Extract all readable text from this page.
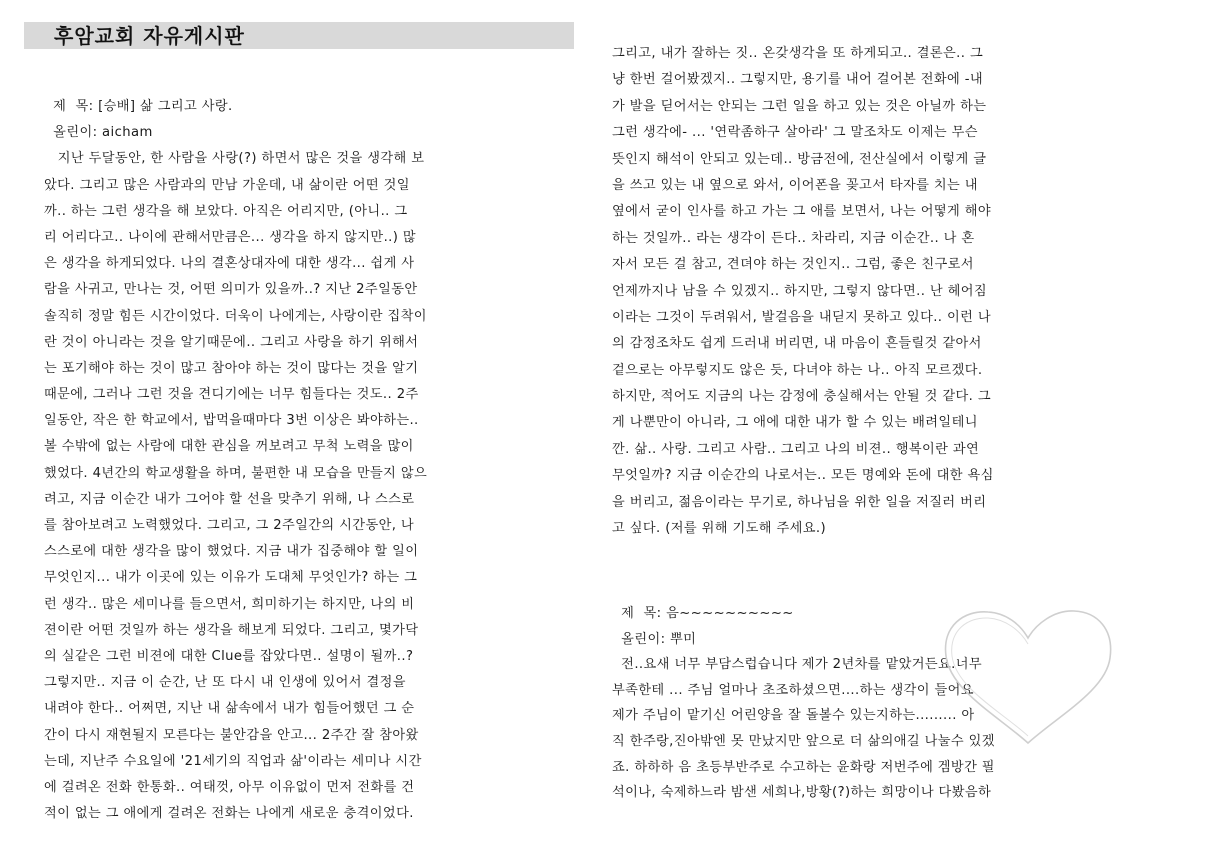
후암교회 자유게시판
제  목: [승배] 삶 그리고 사랑.
올린이: aicham
지난 두달동안, 한 사람을 사랑(?) 하면서 많은 것을 생각해 보
았다. 그리고 많은 사람과의 만남 가운데, 내 삶이란 어떤 것일
까.. 하는 그런 생각을 해 보았다. 아직은 어리지만, (아니.. 그
리 어리다고.. 나이에 관해서만큼은... 생각을 하지 않지만..) 많
은 생각을 하게되었다. 나의 결혼상대자에 대한 생각... 쉽게 사
람을 사귀고, 만나는 것, 어떤 의미가 있을까..? 지난 2주일동안
솔직히 정말 힘든 시간이었다. 더욱이 나에게는, 사랑이란 집착이
란 것이 아니라는 것을 알기때문에.. 그리고 사랑을 하기 위해서
는 포기해야 하는 것이 많고 참아야 하는 것이 많다는 것을 알기
때문에, 그러나 그런 것을 견디기에는 너무 힘들다는 것도.. 2주
일동안, 작은 한 학교에서, 밥먹을때마다 3번 이상은 봐야하는..
볼 수밖에 없는 사람에 대한 관심을 꺼보려고 무척 노력을 많이
했었다. 4년간의 학교생활을 하며, 불편한 내 모습을 만들지 않으
려고, 지금 이순간 내가 그어야 할 선을 맞추기 위해, 나 스스로
를 참아보려고 노력했었다. 그리고, 그 2주일간의 시간동안, 나
스스로에 대한 생각을 많이 했었다. 지금 내가 집중해야 할 일이
무엇인지... 내가 이곳에 있는 이유가 도대체 무엇인가? 하는 그
런 생각.. 많은 세미나를 들으면서, 희미하기는 하지만, 나의 비
젼이란 어떤 것일까 하는 생각을 해보게 되었다. 그리고, 몇가닥
의 실같은 그런 비젼에 대한 Clue를 잡았다면.. 설명이 될까..?
그렇지만.. 지금 이 순간, 난 또 다시 내 인생에 있어서 결정을
내려야 한다.. 어쩌면, 지난 내 삶속에서 내가 힘들어했던 그 순
간이 다시 재현될지 모른다는 불안감을 안고... 2주간 잘 참아왔
는데, 지난주 수요일에 '21세기의 직업과 삶'이라는 세미나 시간
에 걸려온 전화 한통화.. 여태껏, 아무 이유없이 먼저 전화를 건
적이 없는 그 애에게 걸려온 전화는 나에게 새로운 충격이었다.
그리고, 내가 잘하는 짓.. 온갖생각을 또 하게되고.. 결론은.. 그
냥 한번 걸어봤겠지.. 그렇지만, 용기를 내어 걸어본 전화에 -내
가 발을 딛어서는 안되는 그런 일을 하고 있는 것은 아닐까 하는
그런 생각에- ... '연락좀하구 살아라' 그 말조차도 이제는 무슨
뜻인지 해석이 안되고 있는데.. 방금전에, 전산실에서 이렇게 글
을 쓰고 있는 내 옆으로 와서, 이어폰을 꽂고서 타자를 치는 내
옆에서 굳이 인사를 하고 가는 그 애를 보면서, 나는 어떻게 해야
하는 것일까.. 라는 생각이 든다.. 차라리, 지금 이순간.. 나 혼
자서 모든 걸 참고, 견뎌야 하는 것인지.. 그럼, 좋은 친구로서
언제까지나 남을 수 있겠지.. 하지만, 그렇지 않다면.. 난 헤어짐
이라는 그것이 두려워서, 발걸음을 내딛지 못하고 있다.. 이런 나
의 감정조차도 쉽게 드러내 버리면, 내 마음이 흔들릴것 같아서
겉으로는 아무렇지도 않은 듯, 다녀야 하는 나.. 아직 모르겠다.
하지만, 적어도 지금의 나는 감정에 충실해서는 안될 것 같다. 그
게 나뿐만이 아니라, 그 애에 대한 내가 할 수 있는 배려일테니
깐. 삶.. 사랑. 그리고 사람.. 그리고 나의 비젼.. 행복이란 과연
무엇일까? 지금 이순간의 나로서는.. 모든 명예와 돈에 대한 욕심
을 버리고, 젊음이라는 무기로, 하나님을 위한 일을 저질러 버리
고 싶다. (저를 위해 기도해 주세요.)
제  목: 음~~~~~~~~~~
올린이: 뿌미
전..요새 너무 부담스럽습니다 제가 2년차를 맡았거든요.너무
부족한테 ... 주님 얼마나 초조하셨으면....하는 생각이 들어요
제가 주님이 맡기신 어린양을 잘 돌볼수 있는지하는......... 아
직 한주랑,진아밖엔 못 만났지만 앞으로 더 삶의애길 나눌수 있겠
죠. 하하하 음 초등부반주로 수고하는 윤화랑 저번주에 겜방간 필
석이나, 숙제하느라 밤샌 세희나,방황(?)하는 희망이나 다봤음하
